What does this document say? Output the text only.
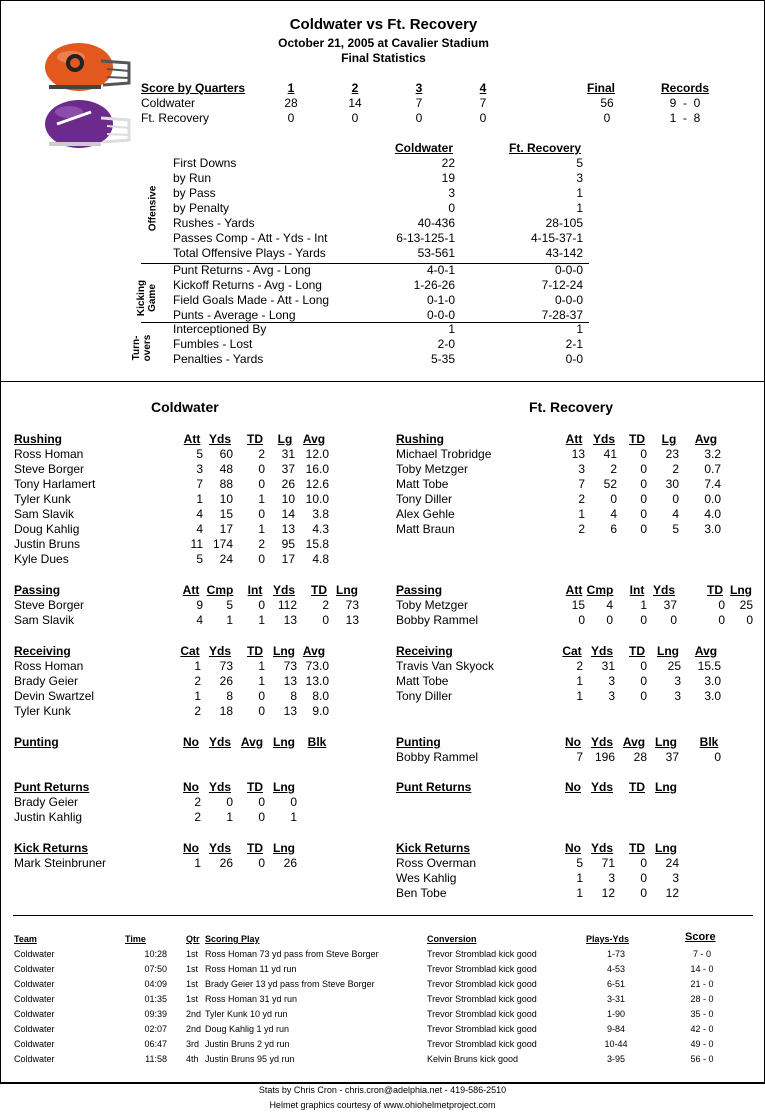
Coldwater vs Ft. Recovery
October 21, 2005 at Cavalier Stadium
Final Statistics
Score by Quarters	1	2	3	4	Final	Records
Coldwater	28	14	7	7	56	9  -  0
Ft. Recovery	0	0	0	0	0	1  -  8
Coldwater	Ft. Recovery
First Downs	22	5
by Run	19	3
by Pass	3	1
by Penalty	0	1
Rushes - Yards	40-436	28-105
Passes Comp - Att - Yds - Int	6-13-125-1	4-15-37-1
Total Offensive Plays - Yards	53-561	43-142
Punt Returns - Avg - Long	4-0-1	0-0-0
Kickoff Returns - Avg - Long	1-26-26	7-12-24
Field Goals Made - Att - Long	0-1-0	0-0-0
Punts - Average - Long	0-0-0	7-28-37
Interceptioned By	1	1
Fumbles - Lost	2-0	2-1
Penalties - Yards	5-35	0-0
Offensive
Kicking Game
Turn-overs
Coldwater	Ft. Recovery
Rushing	Att Yds	TD	Lg Avg
Ross Homan	5	60	2	31 12.0
Steve Borger	3	48	0	37 16.0
Tony Harlamert	7	88	0	26 12.6
Tyler Kunk	1	10	1	10 10.0
Sam Slavik	4	15	0	14	3.8
Doug Kahlig	4	17	1	13	4.3
Justin Bruns	11 174	2	95 15.8
Kyle Dues	5	24	0	17	4.8
Passing	Att Cmp	Int Yds	TD Lng
Steve Borger	9	5	0	112	2	73
Sam Slavik	4	1	1	13	0	13
Receiving	Cat Yds	TD Lng Avg
Ross Homan	1	73	1	73 73.0
Brady Geier	2	26	1	13 13.0
Devin Swartzel	1	8	0	8	8.0
Tyler Kunk	2	18	0	13	9.0
Punting	No Yds Avg Lng	Blk
Punt Returns	No Yds	TD Lng
Brady Geier	2	0	0	0
Justin Kahlig	2	1	0	1
Kick Returns	No Yds	TD Lng
Mark Steinbruner	1	26	0	26
Rushing	Att Yds	TD	Lg	Avg
Michael Trobridge	13	41	0	23	3.2
Toby Metzger	3	2	0	2	0.7
Matt Tobe	7	52	0	30	7.4
Tony Diller	2	0	0	0	0.0
Alex Gehle	1	4	0	4	4.0
Matt Braun	2	6	0	5	3.0
Passing	Att Cmp	Int Yds	TD Lng
Toby Metzger	15	4	1	37	0	25
Bobby Rammel	0	0	0	0	0	0
Receiving	Cat Yds	TD	Lng	Avg
Travis Van Skyock	2	31	0	25	15.5
Matt Tobe	1	3	0	3	3.0
Tony Diller	1	3	0	3	3.0
Punting	No Yds Avg Lng	Blk
Bobby Rammel	7 196	28	37	0
Punt Returns	No Yds	TD Lng
Kick Returns	No Yds	TD Lng
Ross Overman	5	71	0	24
Wes Kahlig	1	3	0	3
Ben Tobe	1	12	0	12
Team	Time	Qtr Scoring Play	Conversion	Plays-Yds	Score
Coldwater	10:28 1st Ross Homan 73 yd pass from Steve Borger	Trevor Stromblad kick good	1-73	7 - 0
Coldwater	07:50 1st Ross Homan 11 yd run	Trevor Stromblad kick good	4-53	14 - 0
Coldwater	04:09 1st Brady Geier 13 yd pass from Steve Borger	Trevor Stromblad kick good	6-51	21 - 0
Coldwater	01:35 1st Ross Homan 31 yd run	Trevor Stromblad kick good	3-31	28 - 0
Coldwater	09:39 2nd Tyler Kunk 10 yd run	Trevor Stromblad kick good	1-90	35 - 0
Coldwater	02:07 2nd Doug Kahlig 1 yd run	Trevor Stromblad kick good	9-84	42 - 0
Coldwater	06:47 3rd Justin Bruns 2 yd run	Trevor Stromblad kick good	10-44	49 - 0
Coldwater	11:58 4th Justin Bruns 95 yd run	Kelvin Bruns kick good	3-95	56 - 0
Stats by Chris Cron - chris.cron@adelphia.net - 419-586-2510
Helmet graphics courtesy of www.ohiohelmetproject.com
